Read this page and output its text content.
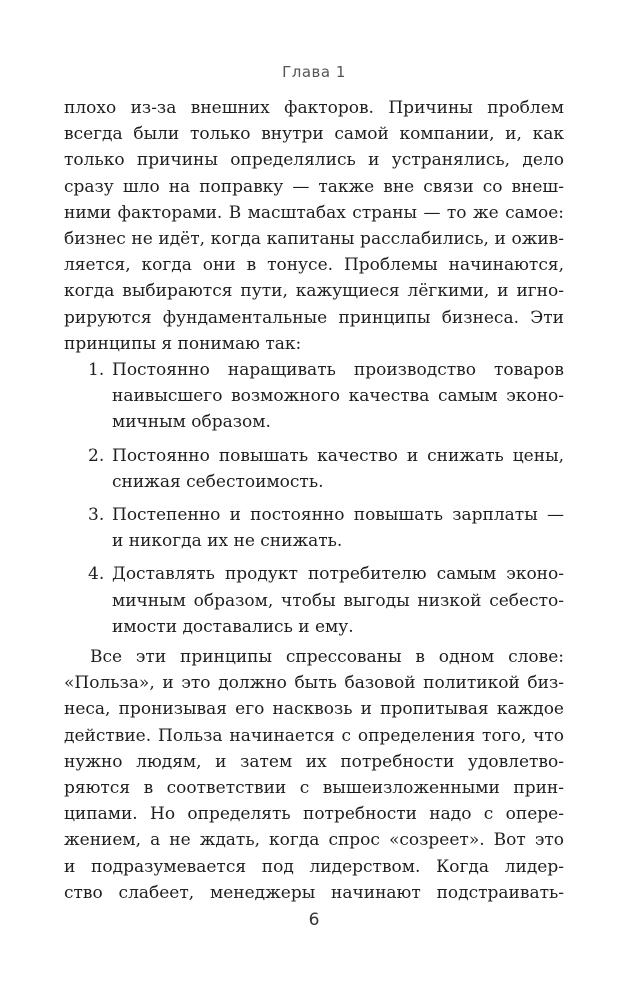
Глава 1
плохо из-за внешних факторов. Причины проблем
всегда были только внутри самой компании, и, как
только причины определялись и устранялись, дело
сразу шло на поправку — также вне связи со внеш-
ними факторами. В масштабах страны — то же самое:
бизнес не идёт, когда капитаны расслабились, и ожив-
ляется, когда они в тонусе. Проблемы начинаются,
когда выбираются пути, кажущиеся лёгкими, и игно-
рируются фундаментальные принципы бизнеса. Эти
принципы я понимаю так:
1. Постоянно наращивать производство товаров
наивысшего возможного качества самым эконо-
мичным образом.
2. Постоянно повышать качество и снижать цены,
снижая себестоимость.
3. Постепенно и постоянно повышать зарплаты —
и никогда их не снижать.
4. Доставлять продукт потребителю самым эконо-
мичным образом, чтобы выгоды низкой себесто-
имости доставались и ему.
Все эти принципы спрессованы в одном слове:
«Польза», и это должно быть базовой политикой биз-
неса, пронизывая его насквозь и пропитывая каждое
действие. Польза начинается с определения того, что
нужно людям, и затем их потребности удовлетво-
ряются в соответствии с вышеизложенными прин-
ципами. Но определять потребности надо с опере-
жением, а не ждать, когда спрос «созреет». Вот это
и подразумевается под лидерством. Когда лидер-
ство слабеет, менеджеры начинают подстраивать-
6
